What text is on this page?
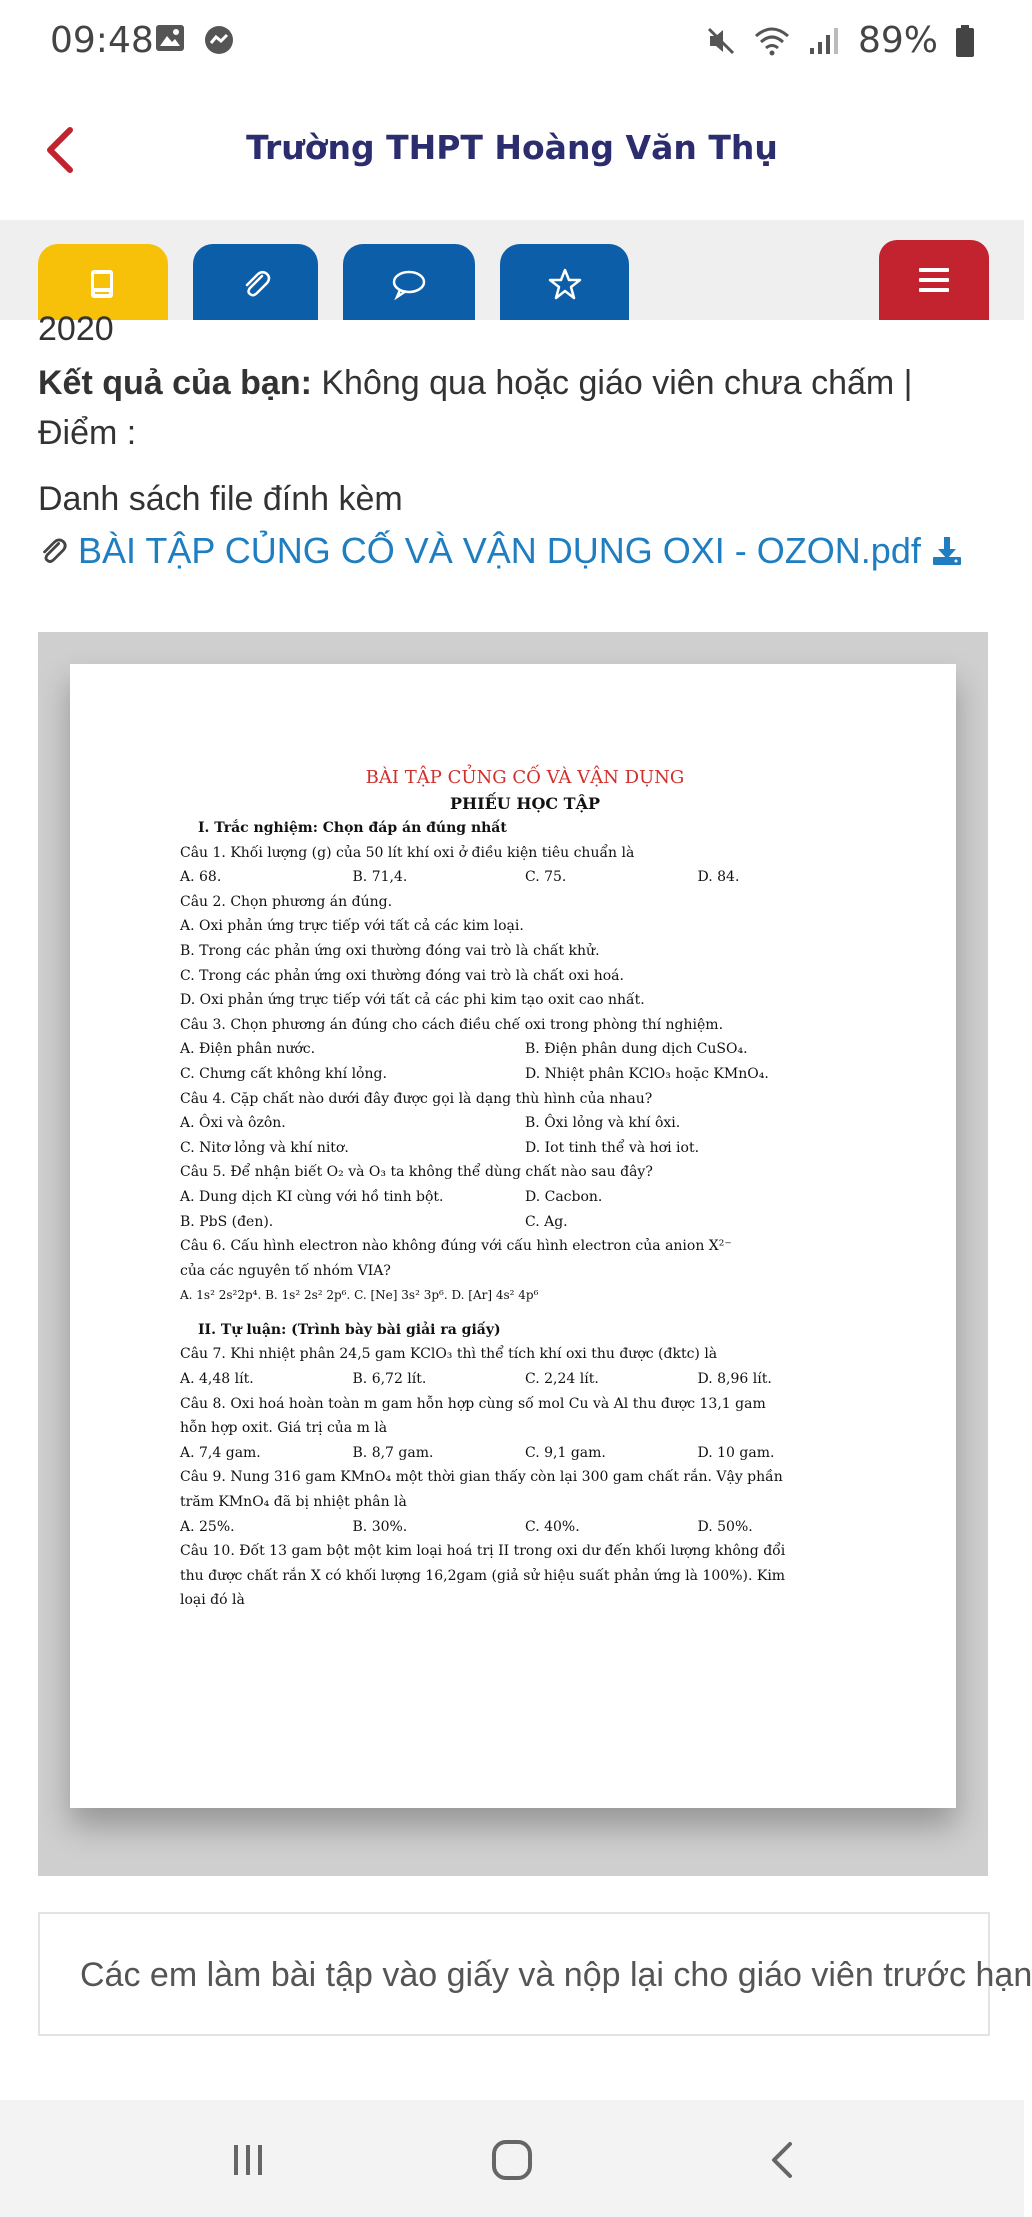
09:48	89%
Trường THPT Hoàng Văn Thụ
2020
Kết quả của bạn: Không qua hoặc giáo viên chưa chấm | Điểm :
Danh sách file đính kèm
BÀI TẬP CỦNG CỐ VÀ VẬN DỤNG OXI - OZON.pdf
BÀI TẬP CỦNG CỐ VÀ VẬN DỤNG
PHIẾU HỌC TẬP
I. Trắc nghiệm: Chọn đáp án đúng nhất
Câu 1. Khối lượng (g) của 50 lít khí oxi ở điều kiện tiêu chuẩn là
A. 68.	B. 71,4.	C. 75.	D. 84.
Câu 2. Chọn phương án đúng.
A. Oxi phản ứng trực tiếp với tất cả các kim loại.
B. Trong các phản ứng oxi thường đóng vai trò là chất khử.
C. Trong các phản ứng oxi thường đóng vai trò là chất oxi hoá.
D. Oxi phản ứng trực tiếp với tất cả các phi kim tạo oxit cao nhất.
Câu 3. Chọn phương án đúng cho cách điều chế oxi trong phòng thí nghiệm.
A. Điện phân nước.	B. Điện phân dung dịch CuSO₄.
C. Chưng cất không khí lỏng.	D. Nhiệt phân KClO₃ hoặc KMnO₄.
Câu 4. Cặp chất nào dưới đây được gọi là dạng thù hình của nhau?
A. Ôxi và ôzôn.	B. Ôxi lỏng và khí ôxi.
C. Nitơ lỏng và khí nitơ.	D. Iot tinh thể và hơi iot.
Câu 5. Để nhận biết O₂ và O₃ ta không thể dùng chất nào sau đây?
A. Dung dịch KI cùng với hồ tinh bột.	D. Cacbon.
B. PbS (đen).	C. Ag.
Câu 6. Cấu hình electron nào không đúng với cấu hình electron của anion X²⁻
của các nguyên tố nhóm VIA?
A. 1s² 2s²2p⁴. B. 1s² 2s² 2p⁶. C. [Ne] 3s² 3p⁶. D. [Ar] 4s² 4p⁶
II. Tự luận: (Trình bày bài giải ra giấy)
Câu 7. Khi nhiệt phân 24,5 gam KClO₃ thì thể tích khí oxi thu được (đktc) là
A. 4,48 lít.	B. 6,72 lít.	C. 2,24 lít.	D. 8,96 lít.
Câu 8. Oxi hoá hoàn toàn m gam hỗn hợp cùng số mol Cu và Al thu được 13,1 gam
hỗn hợp oxit. Giá trị của m là
A. 7,4 gam.	B. 8,7 gam.	C. 9,1 gam.	D. 10 gam.
Câu 9. Nung 316 gam KMnO₄ một thời gian thấy còn lại 300 gam chất rắn. Vậy phần
trăm KMnO₄ đã bị nhiệt phân là
A. 25%.	B. 30%.	C. 40%.	D. 50%.
Câu 10. Đốt 13 gam bột một kim loại hoá trị II trong oxi dư đến khối lượng không đổi
thu được chất rắn X có khối lượng 16,2gam (giả sử hiệu suất phản ứng là 100%). Kim
loại đó là
Các em làm bài tập vào giấy và nộp lại cho giáo viên trước hạn
